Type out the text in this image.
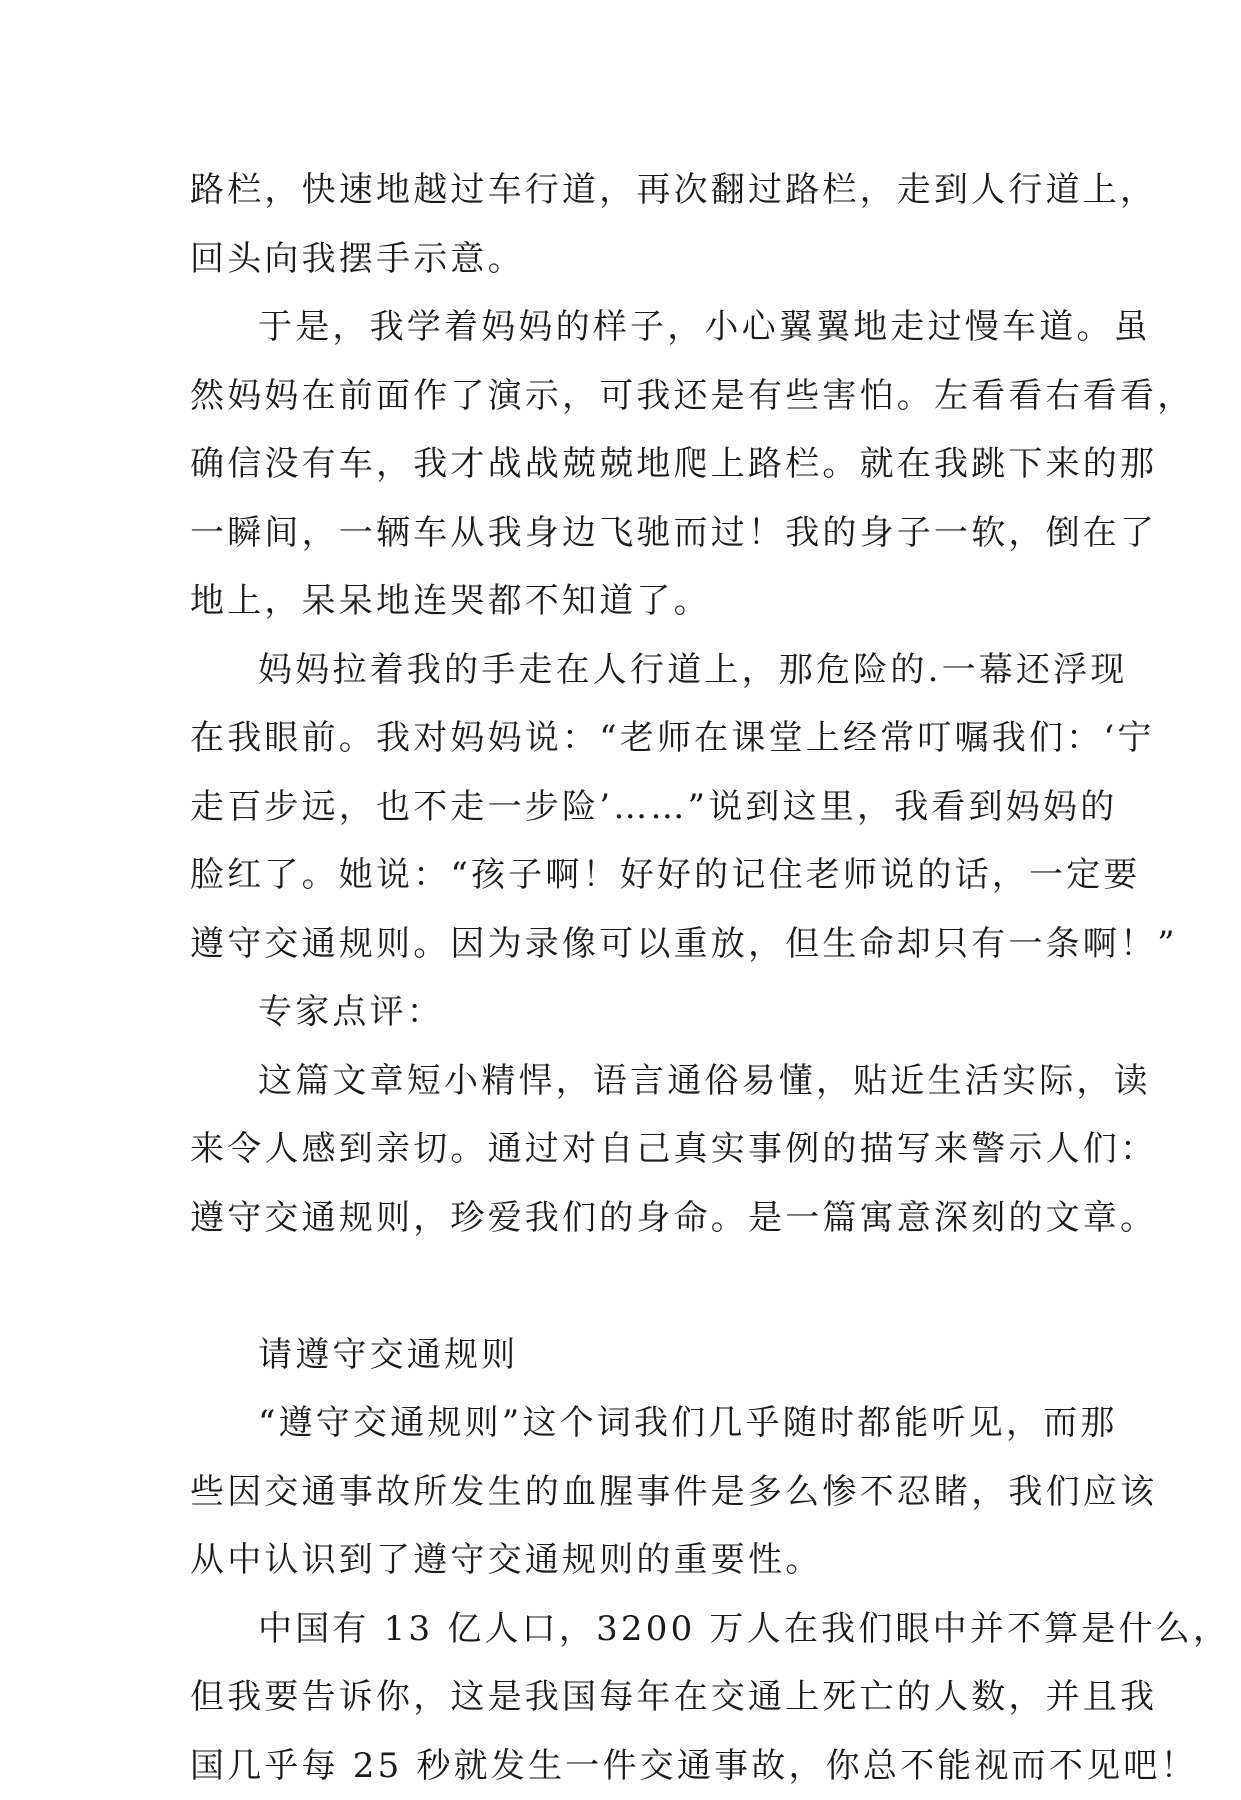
路栏，快速地越过车行道，再次翻过路栏，走到人行道上，
回头向我摆手示意。
于是，我学着妈妈的样子，小心翼翼地走过慢车道。虽
然妈妈在前面作了演示，可我还是有些害怕。左看看右看看，
确信没有车，我才战战兢兢地爬上路栏。就在我跳下来的那
一瞬间，一辆车从我身边飞驰而过！我的身子一软，倒在了
地上，呆呆地连哭都不知道了。
妈妈拉着我的手走在人行道上，那危险的.一幕还浮现
在我眼前。我对妈妈说：“老师在课堂上经常叮嘱我们：‘宁
走百步远，也不走一步险’……”说到这里，我看到妈妈的
脸红了。她说：“孩子啊！好好的记住老师说的话，一定要
遵守交通规则。因为录像可以重放，但生命却只有一条啊！”
专家点评：
这篇文章短小精悍，语言通俗易懂，贴近生活实际，读
来令人感到亲切。通过对自己真实事例的描写来警示人们：
遵守交通规则，珍爱我们的身命。是一篇寓意深刻的文章。
请遵守交通规则
“遵守交通规则”这个词我们几乎随时都能听见，而那
些因交通事故所发生的血腥事件是多么惨不忍睹，我们应该
从中认识到了遵守交通规则的重要性。
中国有 13 亿人口，3200 万人在我们眼中并不算是什么，
但我要告诉你，这是我国每年在交通上死亡的人数，并且我
国几乎每 25 秒就发生一件交通事故，你总不能视而不见吧！
